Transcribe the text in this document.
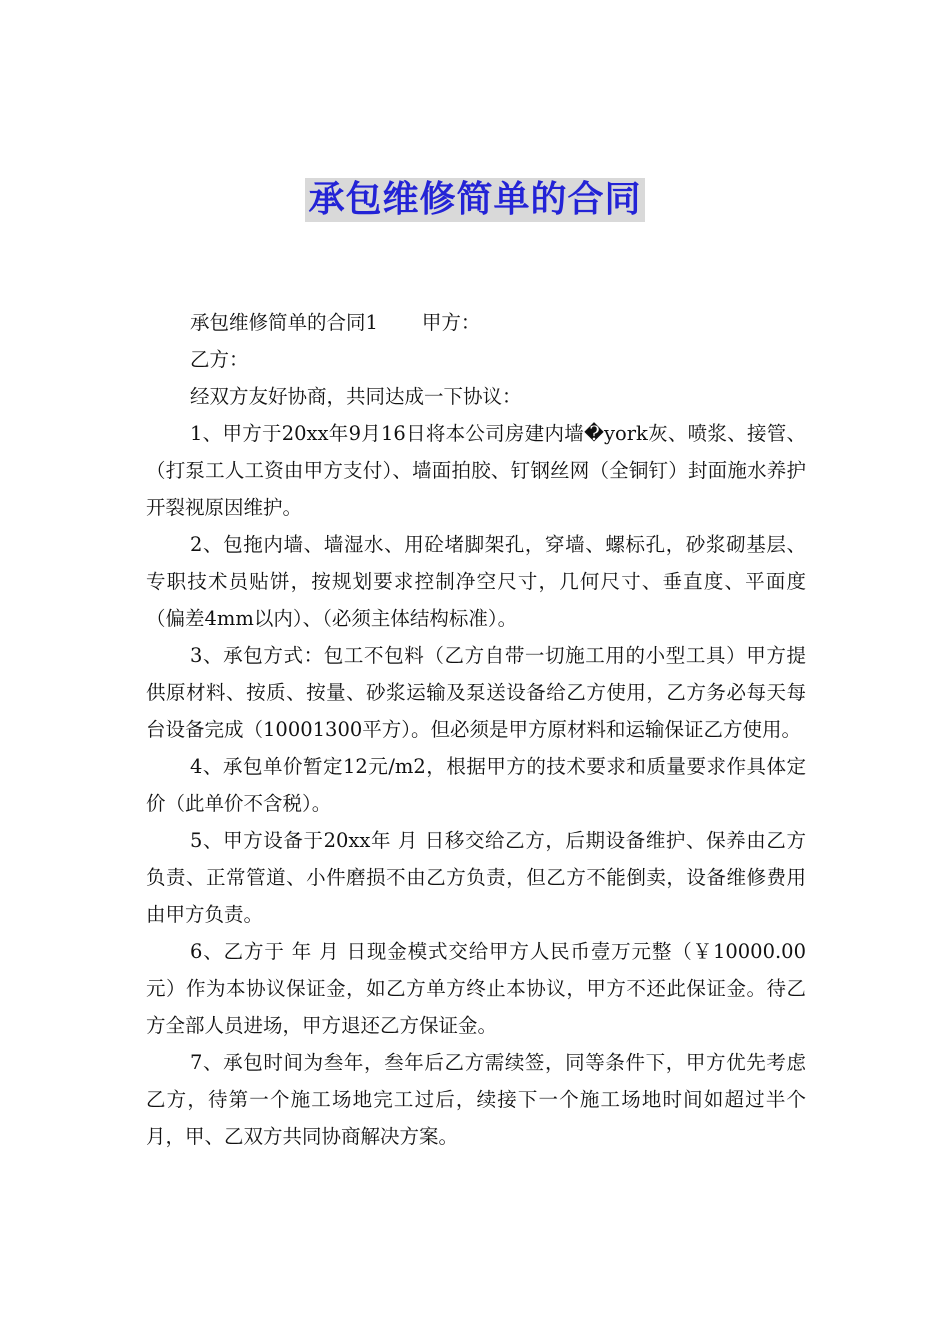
承包维修简单的合同

承包维修简单的合同1 甲方：

乙方：

经双方友好协商，共同达成一下协议：

1、甲方于20xx年9月16日将本公司房建内墙�york灰、喷浆、接管、（打泵工人工资由甲方支付）、墙面拍胶、钉钢丝网（全铜钉）封面施水养护开裂视原因维护。

2、包拖内墙、墙湿水、用砼堵脚架孔，穿墙、螺标孔，砂浆砌基层、专职技术员贴饼，按规划要求控制净空尺寸，几何尺寸、垂直度、平面度（偏差4mm以内）、（必须主体结构标准）。

3、承包方式：包工不包料（乙方自带一切施工用的小型工具）甲方提供原材料、按质、按量、砂浆运输及泵送设备给乙方使用，乙方务必每天每台设备完成（10001300平方）。但必须是甲方原材料和运输保证乙方使用。

4、承包单价暂定12元/m2，根据甲方的技术要求和质量要求作具体定价（此单价不含税）。

5、甲方设备于20xx年 月 日移交给乙方，后期设备维护、保养由乙方负责、正常管道、小件磨损不由乙方负责，但乙方不能倒卖，设备维修费用由甲方负责。

6、乙方于 年 月 日现金模式交给甲方人民币壹万元整（￥10000.00元）作为本协议保证金，如乙方单方终止本协议，甲方不还此保证金。待乙方全部人员进场，甲方退还乙方保证金。

7、承包时间为叁年，叁年后乙方需续签，同等条件下，甲方优先考虑乙方，待第一个施工场地完工过后，续接下一个施工场地时间如超过半个月，甲、乙双方共同协商解决方案。
